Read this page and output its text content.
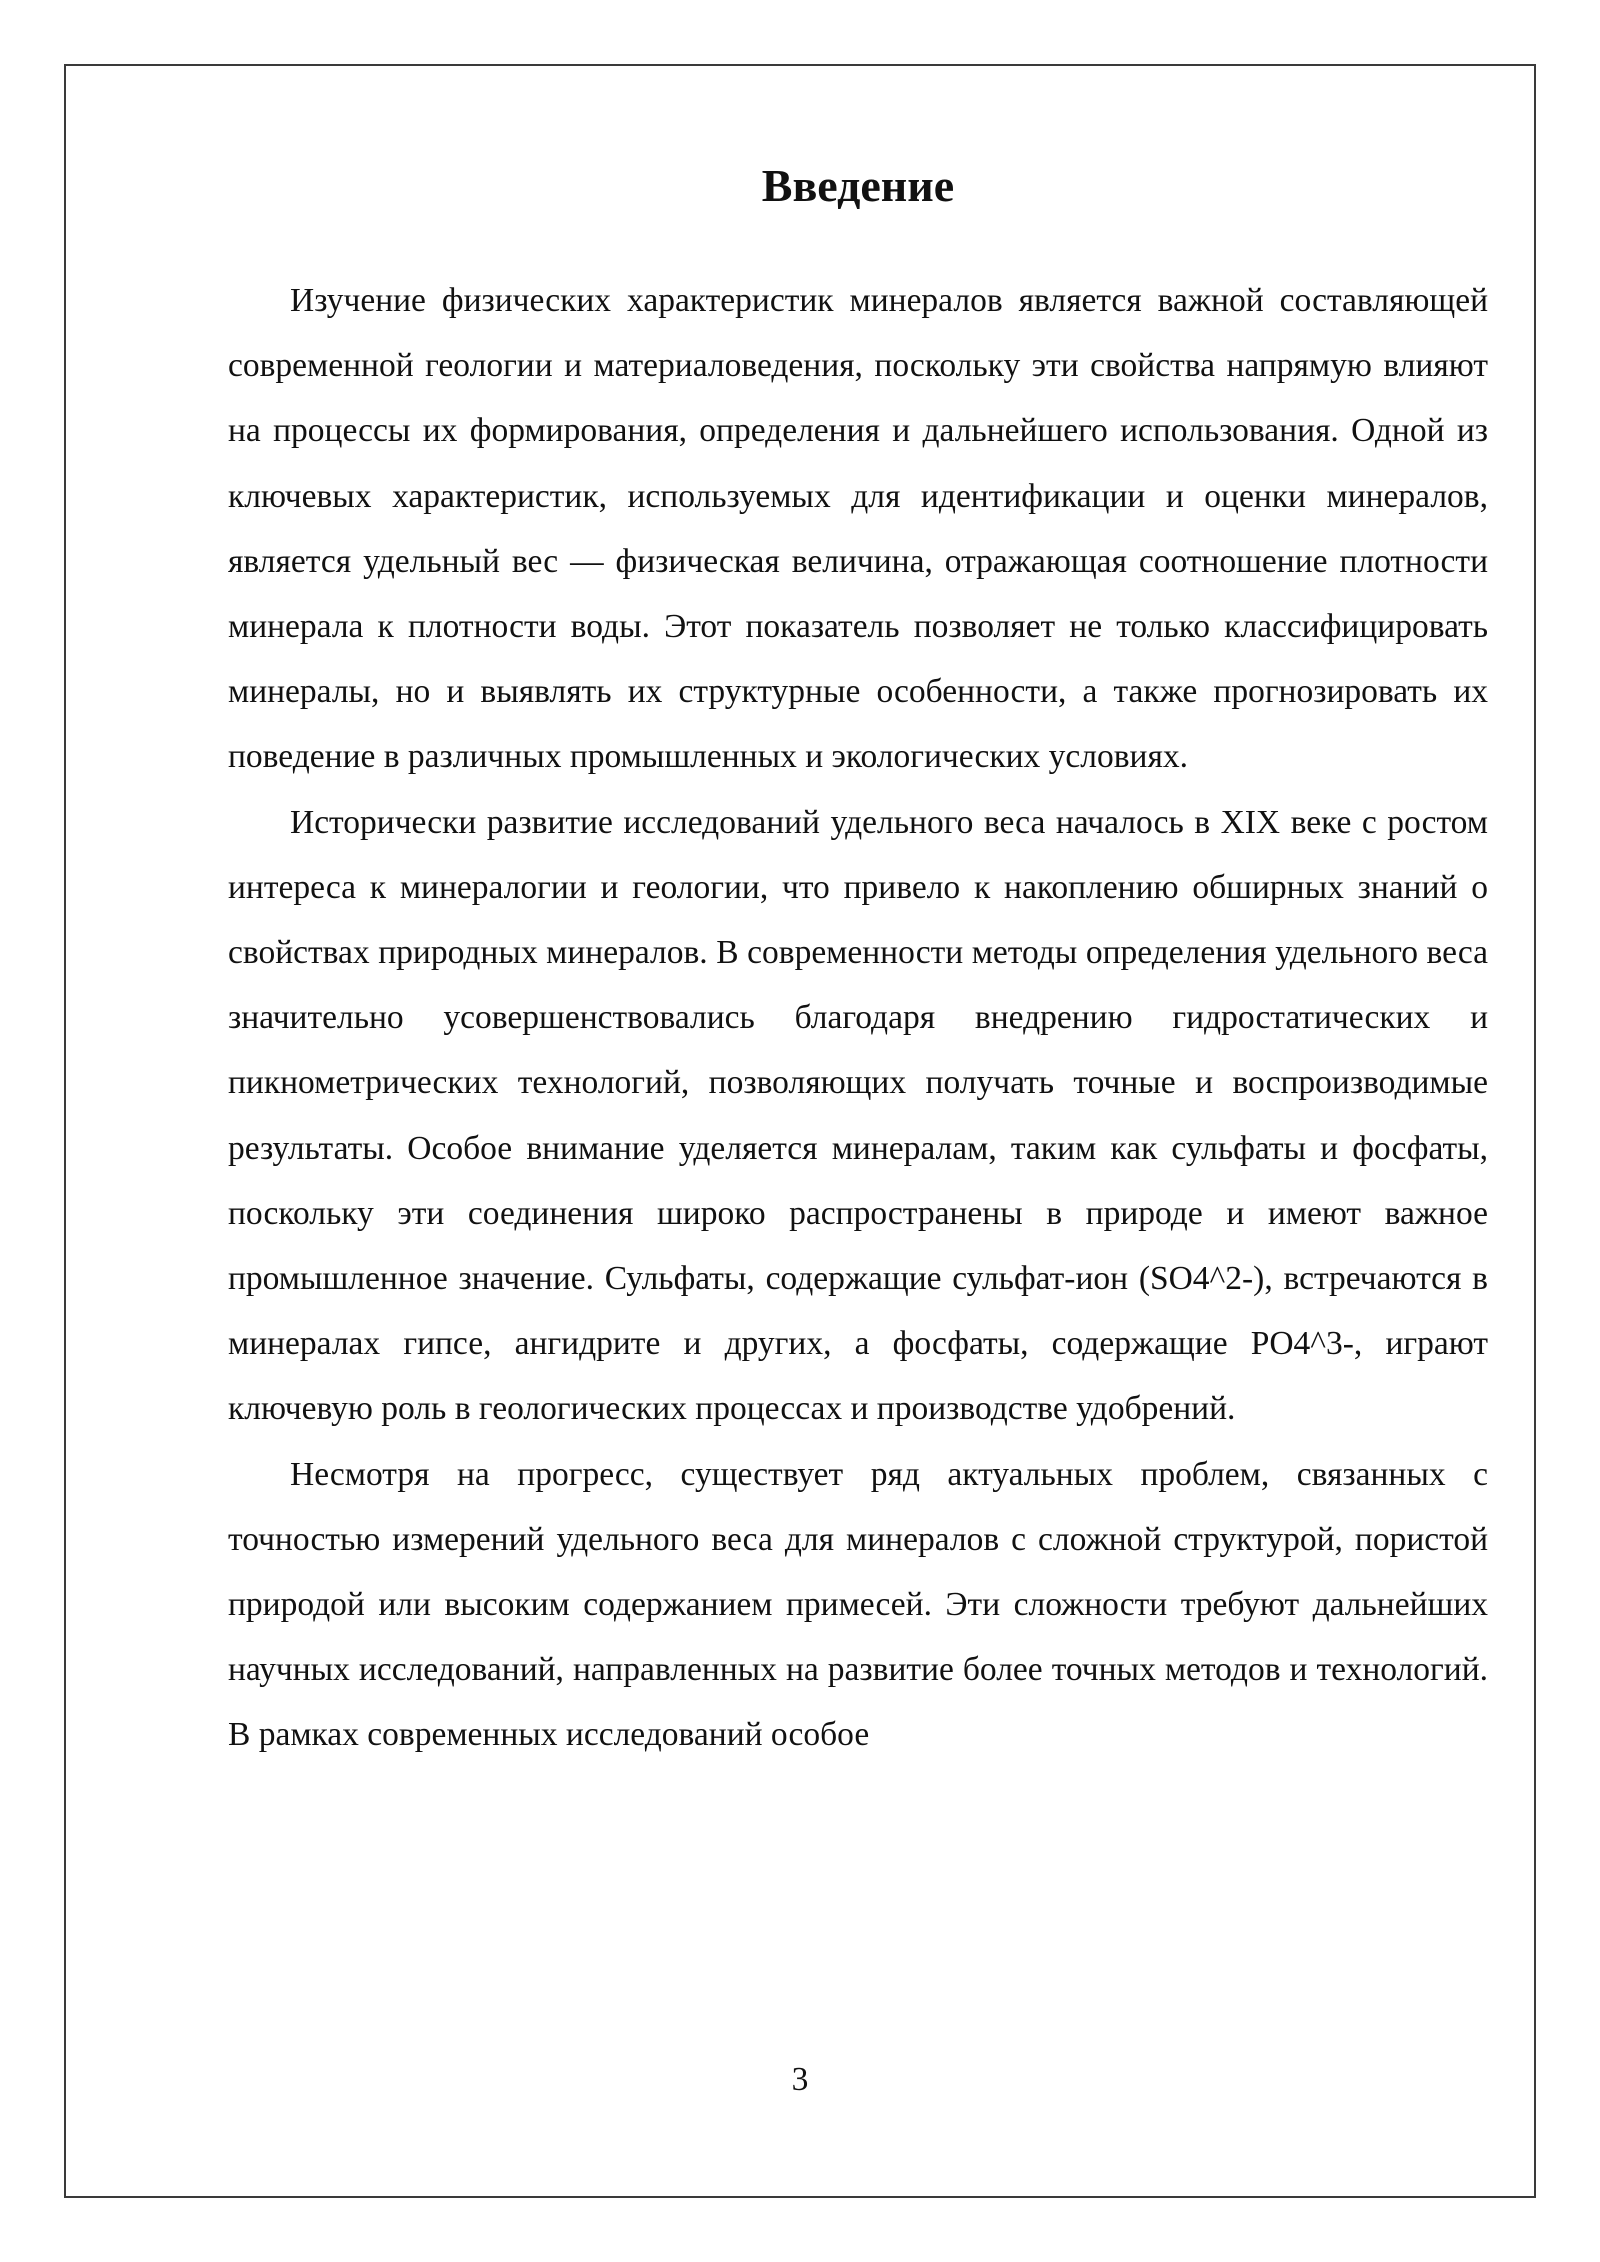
Введение

Изучение физических характеристик минералов является важной составляющей современной геологии и материаловедения, поскольку эти свойства напрямую влияют на процессы их формирования, определения и дальнейшего использования. Одной из ключевых характеристик, используемых для идентификации и оценки минералов, является удельный вес — физическая величина, отражающая соотношение плотности минерала к плотности воды. Этот показатель позволяет не только классифицировать минералы, но и выявлять их структурные особенности, а также прогнозировать их поведение в различных промышленных и экологических условиях.

Исторически развитие исследований удельного веса началось в XIX веке с ростом интереса к минералогии и геологии, что привело к накоплению обширных знаний о свойствах природных минералов. В современности методы определения удельного веса значительно усовершенствовались благодаря внедрению гидростатических и пикнометрических технологий, позволяющих получать точные и воспроизводимые результаты. Особое внимание уделяется минералам, таким как сульфаты и фосфаты, поскольку эти соединения широко распространены в природе и имеют важное промышленное значение. Сульфаты, содержащие сульфат-ион (SO4^2-), встречаются в минералах гипсе, ангидрите и других, а фосфаты, содержащие PO4^3-, играют ключевую роль в геологических процессах и производстве удобрений.

Несмотря на прогресс, существует ряд актуальных проблем, связанных с точностью измерений удельного веса для минералов с сложной структурой, пористой природой или высоким содержанием примесей. Эти сложности требуют дальнейших научных исследований, направленных на развитие более точных методов и технологий. В рамках современных исследований особое

3
